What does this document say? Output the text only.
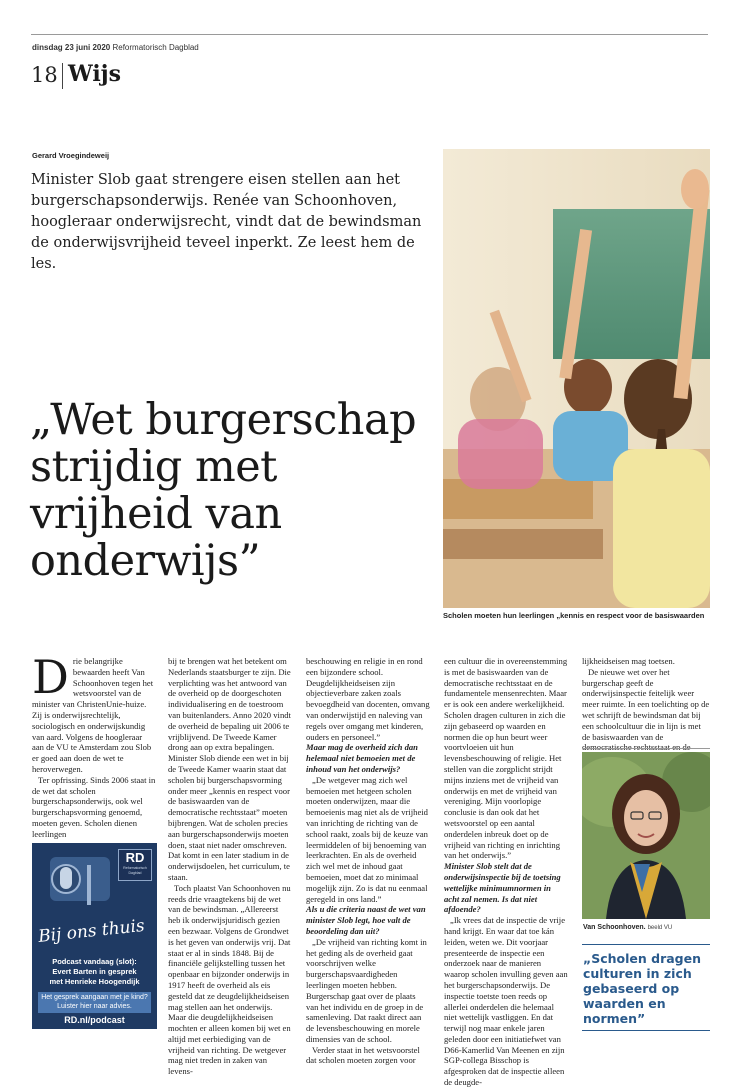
dinsdag 23 juni 2020 Reformatorisch Dagblad
18 Wijs
Gerard Vroegindeweij
Minister Slob gaat strengere eisen stellen aan het burgerschapsonderwijs. Renée van Schoonhoven, hoogleraar onderwijsrecht, vindt dat de bewindsman de onderwijsvrijheid teveel inperkt. Ze leest hem de les.
„Wet burgerschap
strijdig met
vrijheid van
onderwijs”
Scholen moeten hun leerlingen „kennis en respect voor de basiswaarden
D rie belangrijke bewaarden heeft Van Schoonhoven tegen het wetsvoorstel van de minister van ChristenUnie-huize. Zij is onderwijsrechtelijk, sociologisch en onderwijskundig van aard. Volgens de hoogleraar aan de VU te Amsterdam zou Slob er goed aan doen de wet te heroverwegen.

Ter opfrissing. Sinds 2006 staat in de wet dat scholen burgerschapsonderwijs, ook wel burgerschapsvorming genoemd, moeten geven. Scholen dienen leerlingen

bij te brengen wat het betekent om Nederlands staatsburger te zijn. Die verplichting was het antwoord van de overheid op de doorgeschoten individualisering en de toestroom van buitenlanders. Anno 2020 vindt de overheid de bepaling uit 2006 te vrijblijvend. De Tweede Kamer drong aan op extra bepalingen. Minister Slob diende een wet in bij de Tweede Kamer waarin staat dat scholen bij burgerschapsvorming onder meer „kennis en respect voor de basiswaarden van de democratische rechtsstaat” moeten bijbrengen. Wat de scholen precies aan burgerschapsonderwijs moeten doen, staat niet nader omschreven. Dat komt in een later stadium in de onderwijsdoelen, het curriculum, te staan.

Toch plaatst Van Schoonhoven nu reeds drie vraagtekens bij de wet van de bewindsman. „Allereerst heb ik onderwijsjuridisch gezien een bezwaar. Volgens de Grondwet is het geven van onderwijs vrij. Dat staat er al in sinds 1848. Bij de financiële gelijkstelling tussen het openbaar en bijzonder onderwijs in 1917 heeft de overheid als eis gesteld dat ze deugdelijkheidseisen mag stellen aan het onderwijs. Maar die deugdelijkheidseisen mochten er alleen komen bij wet en altijd met eerbiediging van de vrijheid van richting. De wetgever mag niet treden in zaken van levens-

beschouwing en religie in en rond een bijzondere school. Deugdelijkheidseisen zijn objectieverbare zaken zoals bevoegdheid van docenten, omvang van onderwijstijd en naleving van regels over omgang met kinderen, ouders en personeel.”

Maar mag de overheid zich dan helemaal niet bemoeien met de inhoud van het onderwijs?

„De wetgever mag zich wel bemoeien met hetgeen scholen moeten onderwijzen, maar die bemoeienis mag niet als de vrijheid van inrichting de richting van de school raakt, zoals bij de keuze van leermiddelen of bij benoeming van leerkrachten. En als de overheid zich wel met de inhoud gaat bemoeien, moet dat zo minimaal mogelijk zijn. Zo is dat nu eenmaal geregeld in ons land.”

Als u die criteria naast de wet van minister Slob legt, hoe valt de beoordeling dan uit?

„De vrijheid van richting komt in het geding als de overheid gaat voorschrijven welke burgerschapsvaardigheden leerlingen moeten hebben. Burgerschap gaat over de plaats van het individu en de groep in de samenleving. Dat raakt direct aan de levensbeschouwing en morele dimensies van de school.

Verder staat in het wetsvoorstel dat scholen moeten zorgen voor

een cultuur die in overeenstemming is met de basiswaarden van de democratische rechtsstaat en de fundamentele mensenrechten. Maar er is ook een andere werkelijkheid. Scholen dragen culturen in zich die zijn gebaseerd op waarden en normen die op hun beurt weer voortvloeien uit hun levensbeschouwing of religie. Het stellen van die zorgplicht strijdt mijns inziens met de vrijheid van onderwijs en met de vrijheid van vereniging. Mijn voorlopige conclusie is dan ook dat het wetsvoorstel op een aantal onderdelen inbreuk doet op de vrijheid van richting en inrichting van het onderwijs.”

Minister Slob stelt dat de onderwijsinspectie bij de toetsing wettelijke minimumnormen in acht zal nemen. Is dat niet afdoende?

„Ik vrees dat de inspectie de vrije hand krijgt. En waar dat toe kán leiden, weten we. Dit voorjaar presenteerde de inspectie een onderzoek naar de manieren waarop scholen invulling geven aan het burgerschapsonderwijs. De inspectie toetste toen reeds op allerlei onderdelen die helemaal niet wettelijk vastliggen. En dat terwijl nog maar enkele jaren geleden door een initiatiefwet van D66-Kamerlid Van Meenen en zijn SGP-collega Bisschop is afgesproken dat de inspectie alleen de deugde-

lijkheidseisen mag toetsen.

De nieuwe wet over het burgerschap geeft de onderwijsinspectie feitelijk weer meer ruimte. In een toelichting op de wet schrijft de bewindsman dat bij een schoolcultuur die in lijn is met de basiswaarden van de

RD
Reformatorisch Dagblad
Bij ons thuis
Podcast vandaag (slot):
Evert Barten in gesprek
met Henrieke Hoogendijk
Het gesprek aangaan met je kind? Luister hier naar advies.
RD.nl/podcast
Van Schoonhoven. beeld VU
„Scholen dragen culturen in zich gebaseerd op waarden en normen”
